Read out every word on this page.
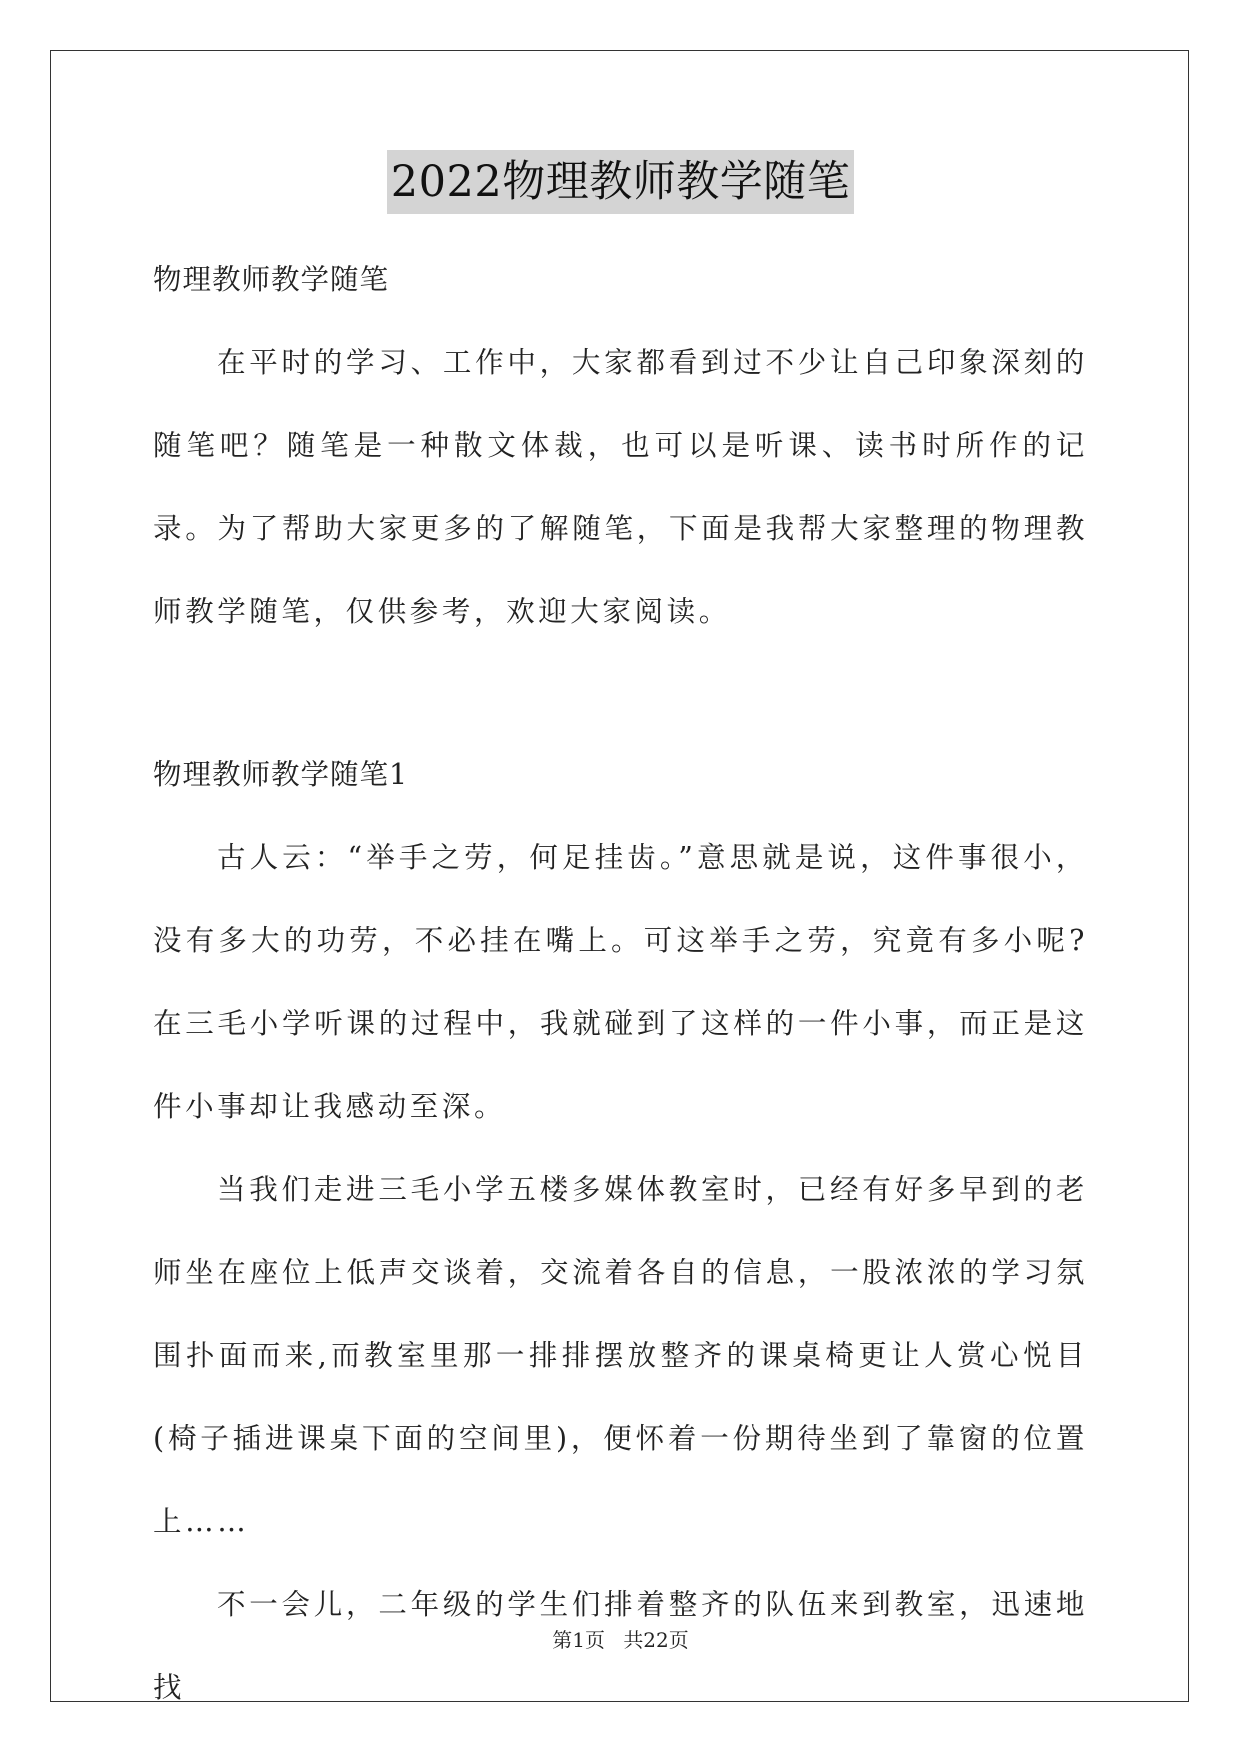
2022物理教师教学随笔

物理教师教学随笔

在平时的学习、工作中，大家都看到过不少让自己印象深刻的随笔吧？随笔是一种散文体裁，也可以是听课、读书时所作的记录。为了帮助大家更多的了解随笔，下面是我帮大家整理的物理教师教学随笔，仅供参考，欢迎大家阅读。

物理教师教学随笔1

古人云：“举手之劳，何足挂齿。”意思就是说，这件事很小，没有多大的功劳，不必挂在嘴上。可这举手之劳，究竟有多小呢?在三毛小学听课的过程中，我就碰到了这样的一件小事，而正是这件小事却让我感动至深。

当我们走进三毛小学五楼多媒体教室时，已经有好多早到的老师坐在座位上低声交谈着，交流着各自的信息，一股浓浓的学习氛围扑面而来,而教室里那一排排摆放整齐的课桌椅更让人赏心悦目(椅子插进课桌下面的空间里)，便怀着一份期待坐到了靠窗的位置上……

不一会儿，二年级的学生们排着整齐的队伍来到教室，迅速地找

第1页 共22页
